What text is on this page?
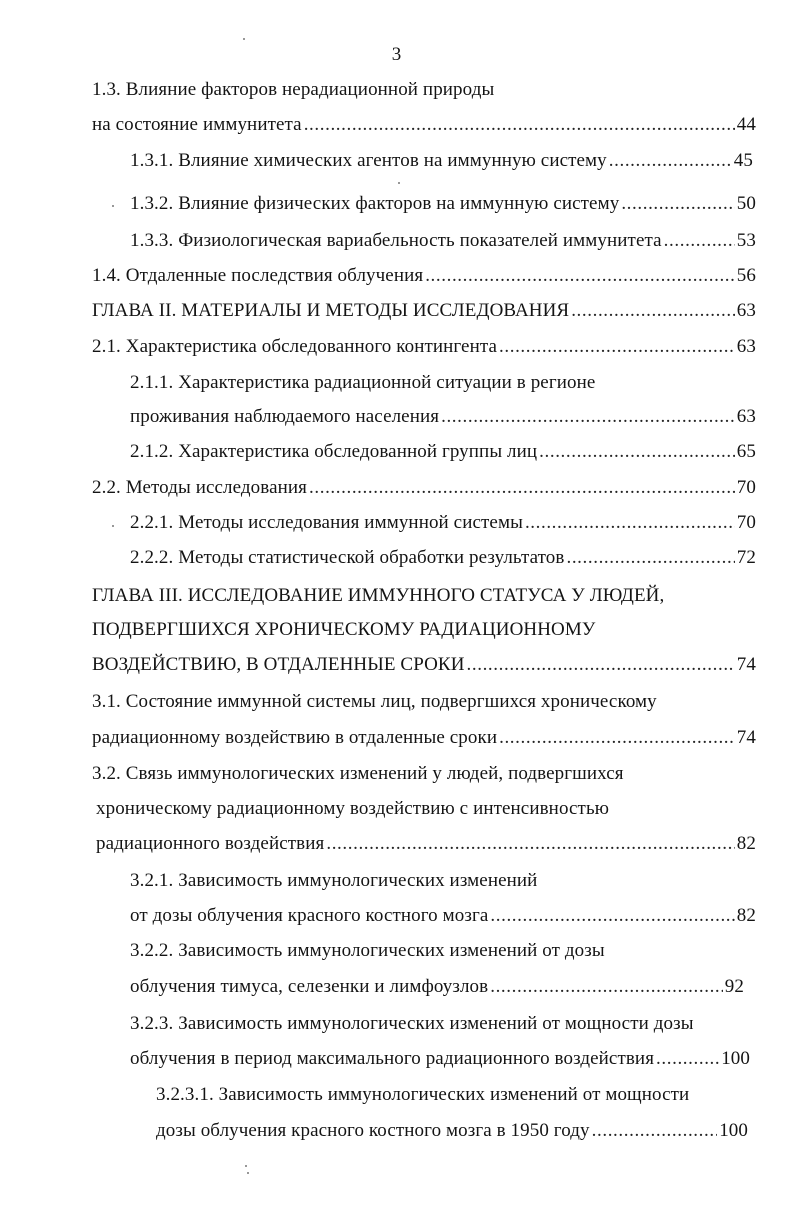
3
1.3. Влияние факторов нерадиационной природы
на состояние иммунитета .....	44
1.3.1. Влияние химических агентов на иммунную систему .....	45
1.3.2. Влияние физических факторов на иммунную систему .....	50
1.3.3. Физиологическая вариабельность показателей иммунитета .....	53
1.4. Отдаленные последствия облучения .....	56
ГЛАВА II. МАТЕРИАЛЫ И МЕТОДЫ ИССЛЕДОВАНИЯ .....	63
2.1. Характеристика обследованного контингента .....	63
2.1.1. Характеристика радиационной ситуации в регионе
проживания наблюдаемого населения .....	63
2.1.2. Характеристика обследованной группы лиц .....	65
2.2. Методы исследования .....	70
2.2.1. Методы исследования иммунной системы .....	70
2.2.2. Методы статистической обработки результатов .....	72
ГЛАВА III. ИССЛЕДОВАНИЕ ИММУННОГО СТАТУСА У ЛЮДЕЙ,
ПОДВЕРГШИХСЯ ХРОНИЧЕСКОМУ РАДИАЦИОННОМУ
ВОЗДЕЙСТВИЮ, В ОТДАЛЕННЫЕ СРОКИ .....	74
3.1. Состояние иммунной системы лиц, подвергшихся хроническому
радиационному воздействию в отдаленные сроки .....	74
3.2. Связь иммунологических изменений у людей, подвергшихся
хроническому радиационному воздействию с интенсивностью
радиационного воздействия .....	82
3.2.1. Зависимость иммунологических изменений
от дозы облучения красного костного мозга .....	82
3.2.2. Зависимость иммунологических изменений от дозы
облучения тимуса, селезенки и лимфоузлов .....	92
3.2.3. Зависимость иммунологических изменений от мощности дозы
облучения в период максимального радиационного воздействия .....	100
3.2.3.1. Зависимость иммунологических изменений от мощности
дозы облучения красного костного мозга в 1950 году .....	100
